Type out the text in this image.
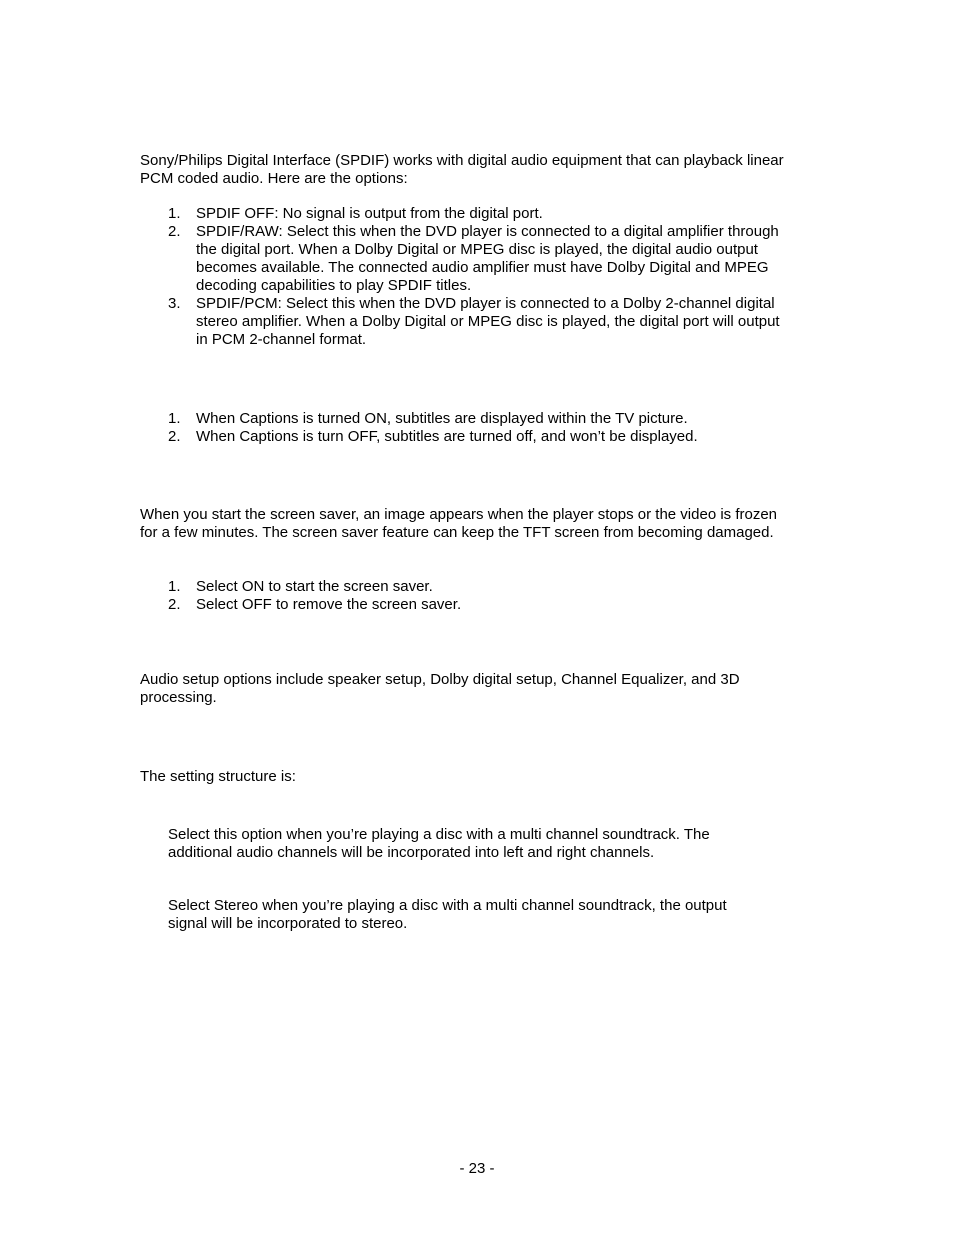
Sony/Philips Digital Interface (SPDIF) works with digital audio equipment that can playback linear PCM coded audio. Here are the options:

1. SPDIF OFF: No signal is output from the digital port.
2. SPDIF/RAW: Select this when the DVD player is connected to a digital amplifier through the digital port. When a Dolby Digital or MPEG disc is played, the digital audio output becomes available. The connected audio amplifier must have Dolby Digital and MPEG decoding capabilities to play SPDIF titles.
3. SPDIF/PCM: Select this when the DVD player is connected to a Dolby 2-channel digital stereo amplifier. When a Dolby Digital or MPEG disc is played, the digital port will output in PCM 2-channel format.
1. When Captions is turned ON, subtitles are displayed within the TV picture.
2. When Captions is turn OFF, subtitles are turned off, and won’t be displayed.

When you start the screen saver, an image appears when the player stops or the video is frozen for a few minutes. The screen saver feature can keep the TFT screen from becoming damaged.

1. Select ON to start the screen saver.
2. Select OFF to remove the screen saver.

Audio setup options include speaker setup, Dolby digital setup, Channel Equalizer, and 3D processing.

The setting structure is:

Select this option when you’re playing a disc with a multi channel soundtrack. The additional audio channels will be incorporated into left and right channels.

Select Stereo when you’re playing a disc with a multi channel soundtrack, the output signal will be incorporated to stereo.

- 23 -
